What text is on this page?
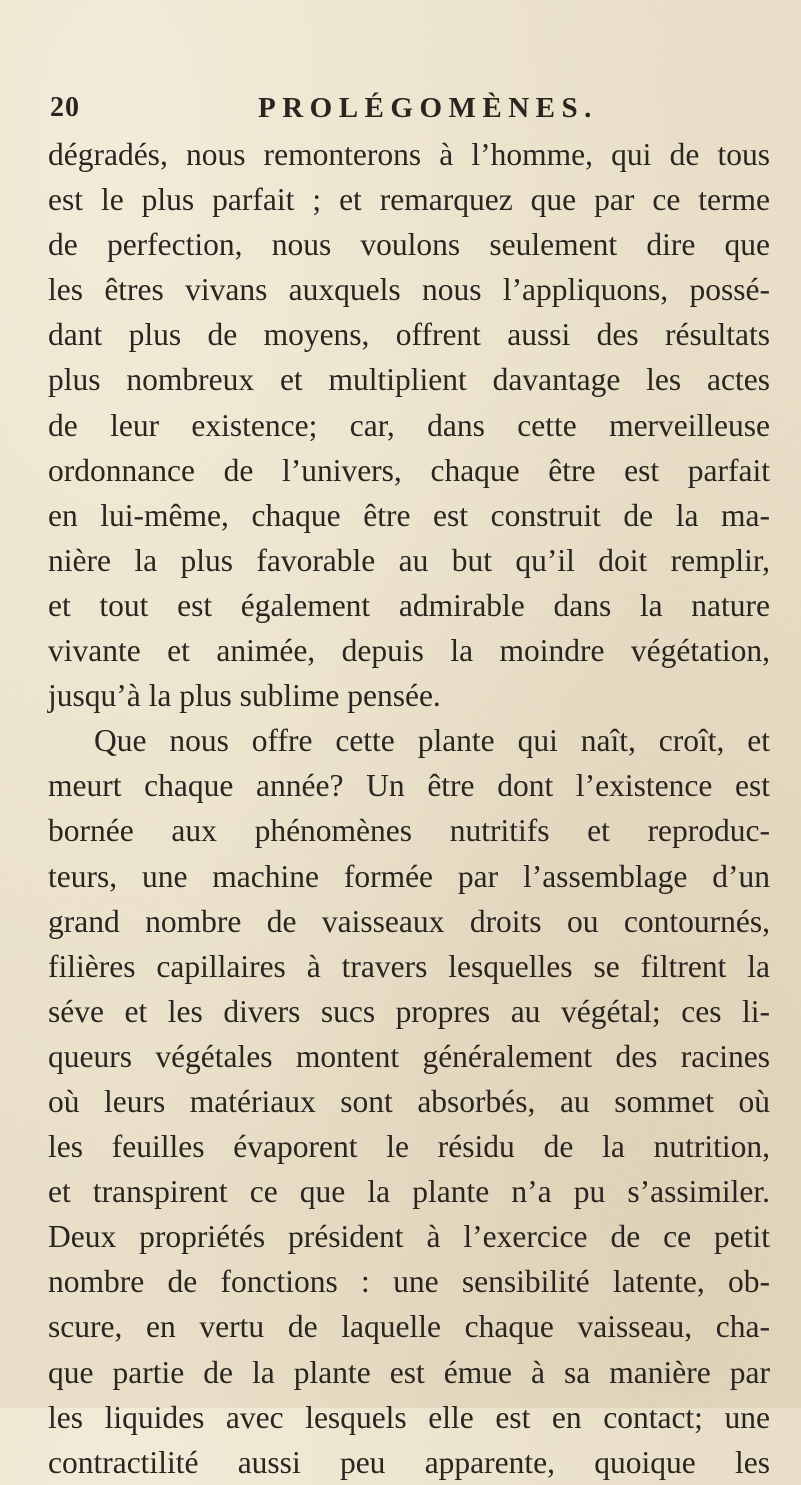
20	PROLÉGOMÈNES.
dégradés, nous remonterons à l’homme, qui de tous
est le plus parfait ; et remarquez que par ce terme
de perfection, nous voulons seulement dire que
les êtres vivans auxquels nous l’appliquons, possé-
dant plus de moyens, offrent aussi des résultats
plus nombreux et multiplient davantage les actes
de leur existence; car, dans cette merveilleuse
ordonnance de l’univers, chaque être est parfait
en lui-même, chaque être est construit de la ma-
nière la plus favorable au but qu’il doit remplir,
et tout est également admirable dans la nature
vivante et animée, depuis la moindre végétation,
jusqu’à la plus sublime pensée.
Que nous offre cette plante qui naît, croît, et
meurt chaque année? Un être dont l’existence est
bornée aux phénomènes nutritifs et reproduc-
teurs, une machine formée par l’assemblage d’un
grand nombre de vaisseaux droits ou contournés,
filières capillaires à travers lesquelles se filtrent la
séve et les divers sucs propres au végétal; ces li-
queurs végétales montent généralement des racines
où leurs matériaux sont absorbés, au sommet où
les feuilles évaporent le résidu de la nutrition,
et transpirent ce que la plante n’a pu s’assimiler.
Deux propriétés président à l’exercice de ce petit
nombre de fonctions : une sensibilité latente, ob-
scure, en vertu de laquelle chaque vaisseau, cha-
que partie de la plante est émue à sa manière par
les liquides avec lesquels elle est en contact; une
contractilité aussi peu apparente, quoique les
